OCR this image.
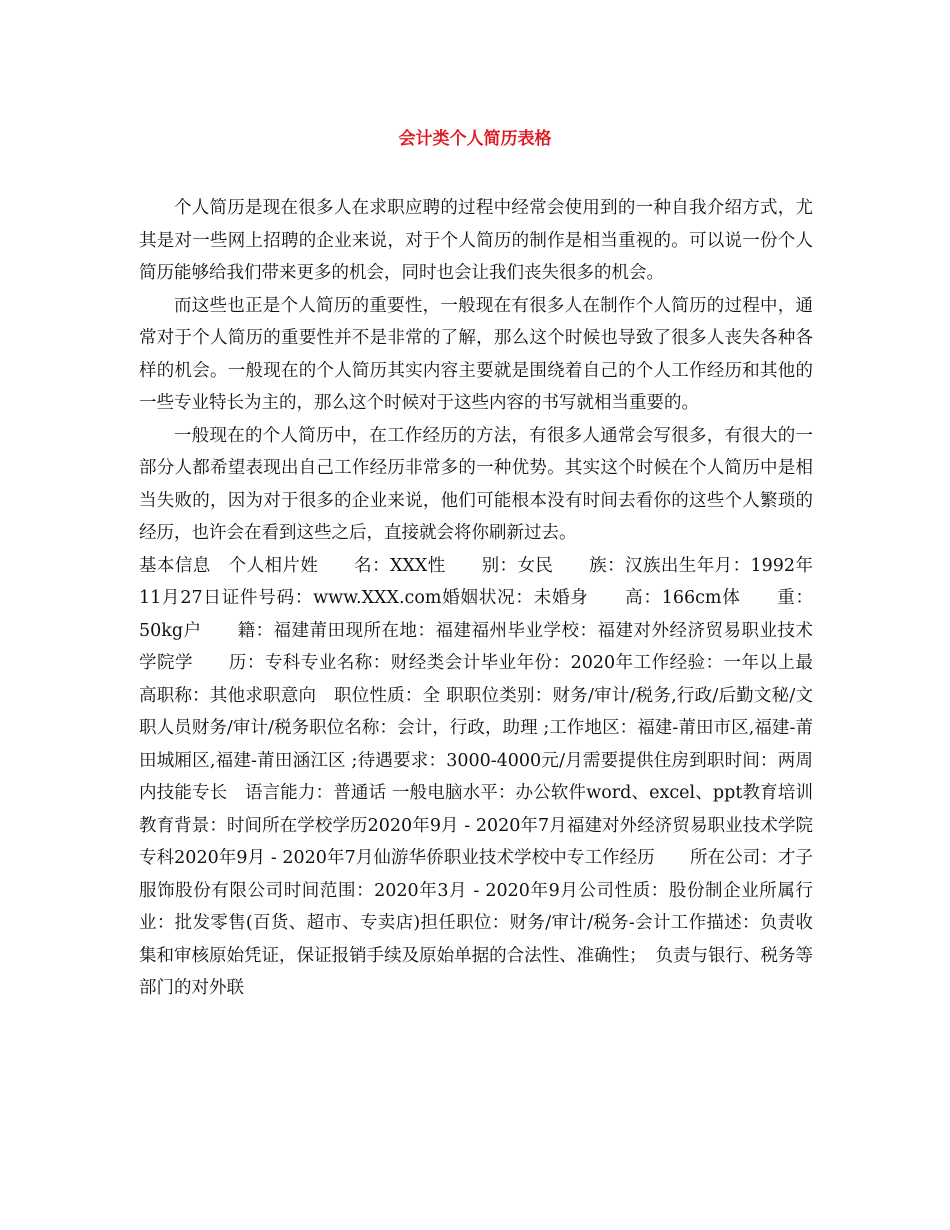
会计类个人简历表格

个人简历是现在很多人在求职应聘的过程中经常会使用到的一种自我介绍方式，尤其是对一些网上招聘的企业来说，对于个人简历的制作是相当重视的。可以说一份个人简历能够给我们带来更多的机会，同时也会让我们丧失很多的机会。

而这些也正是个人简历的重要性，一般现在有很多人在制作个人简历的过程中，通常对于个人简历的重要性并不是非常的了解，那么这个时候也导致了很多人丧失各种各样的机会。一般现在的个人简历其实内容主要就是围绕着自己的个人工作经历和其他的一些专业特长为主的，那么这个时候对于这些内容的书写就相当重要的。

一般现在的个人简历中，在工作经历的方法，有很多人通常会写很多，有很大的一部分人都希望表现出自己工作经历非常多的一种优势。其实这个时候在个人简历中是相当失败的，因为对于很多的企业来说，他们可能根本没有时间去看你的这些个人繁琐的经历，也许会在看到这些之后，直接就会将你刷新过去。

基本信息　个人相片姓　　名：XXX性　　别：女民　　族：汉族出生年月：1992年11月27日证件号码：www.XXX.com婚姻状况：未婚身　　高：166cm体　　重：50kg户　　籍：福建莆田现所在地：福建福州毕业学校：福建对外经济贸易职业技术学院学　　历：专科专业名称：财经类会计毕业年份：2020年工作经验：一年以上最高职称：其他求职意向　职位性质：全 职职位类别：财务/审计/税务,行政/后勤文秘/文职人员财务/审计/税务职位名称：会计，行政，助理 ;工作地区：福建-莆田市区,福建-莆田城厢区,福建-莆田涵江区 ;待遇要求：3000-4000元/月需要提供住房到职时间：两周内技能专长　语言能力：普通话 一般电脑水平：办公软件word、excel、ppt教育培训　教育背景：时间所在学校学历2020年9月 - 2020年7月福建对外经济贸易职业技术学院专科2020年9月 - 2020年7月仙游华侨职业技术学校中专工作经历　　所在公司：才子服饰股份有限公司时间范围：2020年3月 - 2020年9月公司性质：股份制企业所属行业：批发零售(百货、超市、专卖店)担任职位：财务/审计/税务-会计工作描述：负责收集和审核原始凭证，保证报销手续及原始单据的合法性、准确性；　负责与银行、税务等部门的对外联
